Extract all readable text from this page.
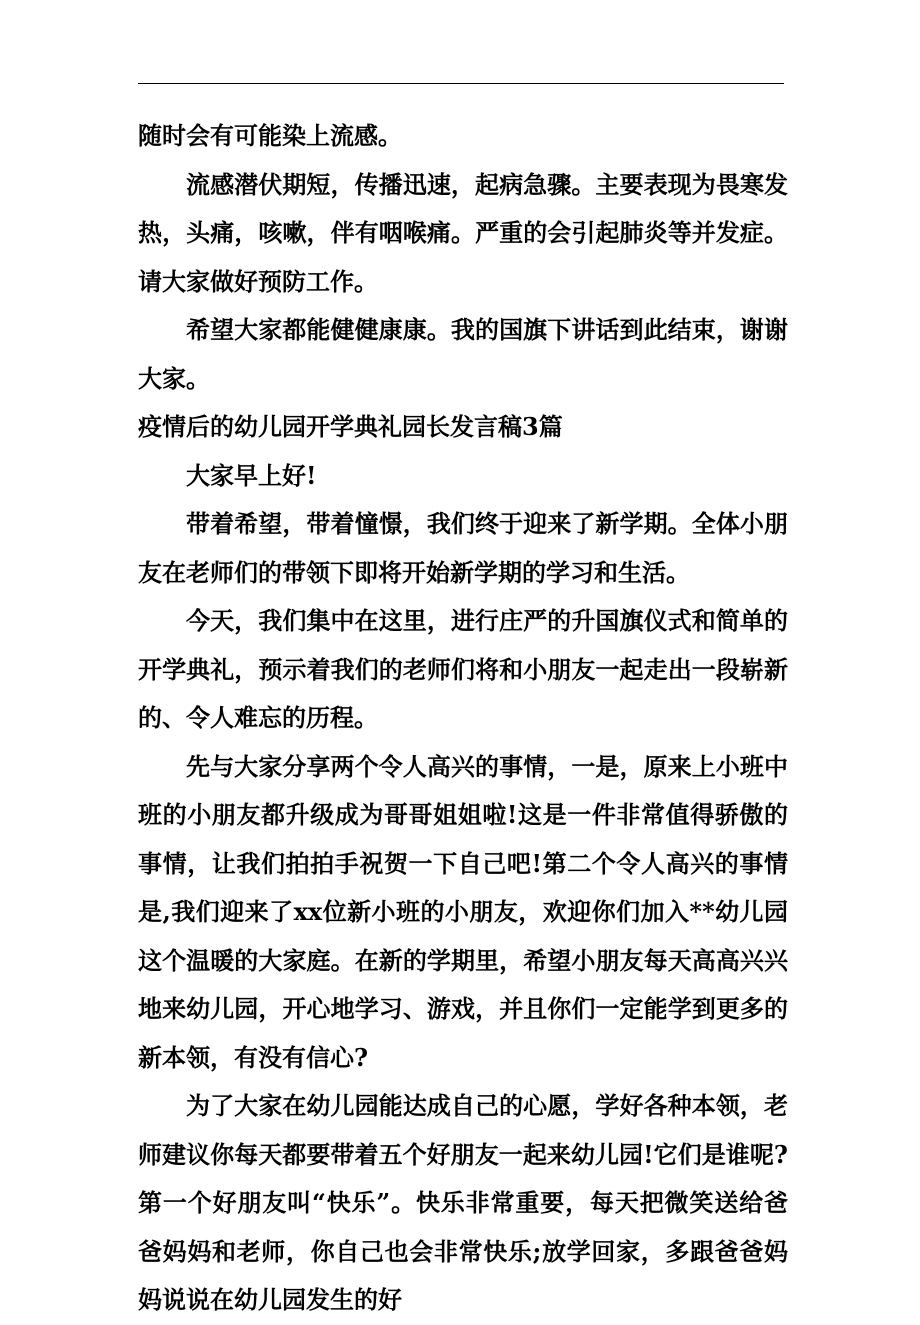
随时会有可能染上流感。

流感潜伏期短，传播迅速，起病急骤。主要表现为畏寒发热，头痛，咳嗽，伴有咽喉痛。严重的会引起肺炎等并发症。请大家做好预防工作。

希望大家都能健健康康。我的国旗下讲话到此结束，谢谢大家。

疫情后的幼儿园开学典礼园长发言稿3篇

大家早上好!

带着希望，带着憧憬，我们终于迎来了新学期。全体小朋友在老师们的带领下即将开始新学期的学习和生活。

今天，我们集中在这里，进行庄严的升国旗仪式和简单的开学典礼，预示着我们的老师们将和小朋友一起走出一段崭新的、令人难忘的历程。

先与大家分享两个令人高兴的事情，一是，原来上小班中班的小朋友都升级成为哥哥姐姐啦!这是一件非常值得骄傲的事情，让我们拍拍手祝贺一下自己吧!第二个令人高兴的事情是,我们迎来了xx位新小班的小朋友，欢迎你们加入**幼儿园这个温暖的大家庭。在新的学期里，希望小朋友每天高高兴兴地来幼儿园，开心地学习、游戏，并且你们一定能学到更多的新本领，有没有信心?

为了大家在幼儿园能达成自己的心愿，学好各种本领，老师建议你每天都要带着五个好朋友一起来幼儿园!它们是谁呢?第一个好朋友叫“快乐”。快乐非常重要，每天把微笑送给爸爸妈妈和老师，你自己也会非常快乐;放学回家，多跟爸爸妈妈说说在幼儿园发生的好
